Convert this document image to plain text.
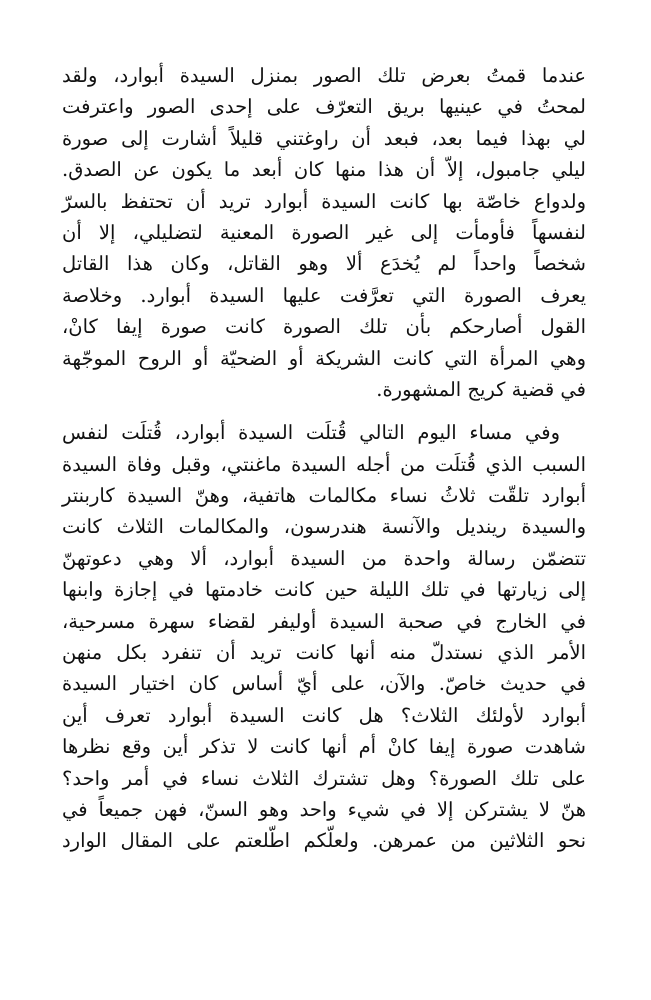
عندما قمتُ بعرض تلك الصور بمنزل السيدة أبوارد، ولقد
لمحتُ في عينيها بريق التعرّف على إحدى الصور واعترفت
لي بهذا فيما بعد، فبعد أن راوغتني قليلاً أشارت إلى صورة
ليلي جامبول، إلاّ أن هذا منها كان أبعد ما يكون عن الصدق.
ولدواع خاصّة بها كانت السيدة أبوارد تريد أن تحتفظ بالسرّ
لنفسهاً فأومأت إلى غير الصورة المعنية لتضليلي، إلا أن
شخصاً واحداً لم يُخدَع ألا وهو القاتل، وكان هذا القاتل
يعرف الصورة التي تعرَّفت عليها السيدة أبوارد. وخلاصة
القول أصارحكم بأن تلك الصورة كانت صورة إيفا كانْ،
وهي المرأة التي كانت الشريكة أو الضحيّة أو الروح الموجّهة
في قضية كريج المشهورة.
وفي مساء اليوم التالي قُتلَت السيدة أبوارد، قُتلَت لنفس
السبب الذي قُتلَت من أجله السيدة ماغنتي، وقبل وفاة السيدة
أبوارد تلقّت ثلاثُ نساء مكالمات هاتفية، وهنّ السيدة كاربنتر
والسيدة رينديل والآنسة هندرسون، والمكالمات الثلاث كانت
تتضمّن رسالة واحدة من السيدة أبوارد، ألا وهي دعوتهنّ
إلى زيارتها في تلك الليلة حين كانت خادمتها في إجازة وابنها
في الخارج في صحبة السيدة أوليفر لقضاء سهرة مسرحية،
الأمر الذي نستدلّ منه أنها كانت تريد أن تنفرد بكل منهن
في حديث خاصّ. والآن، على أيّ أساس كان اختيار السيدة
أبوارد لأولئك الثلاث؟ هل كانت السيدة أبوارد تعرف أين
شاهدت صورة إيفا كانْ أم أنها كانت لا تذكر أين وقع نظرها
على تلك الصورة؟ وهل تشترك الثلاث نساء في أمر واحد؟
هنّ لا يشتركن إلا في شيء واحد وهو السنّ، فهن جميعاً في
نحو الثلاثين من عمرهن. ولعلّكم اطّلعتم على المقال الوارد
